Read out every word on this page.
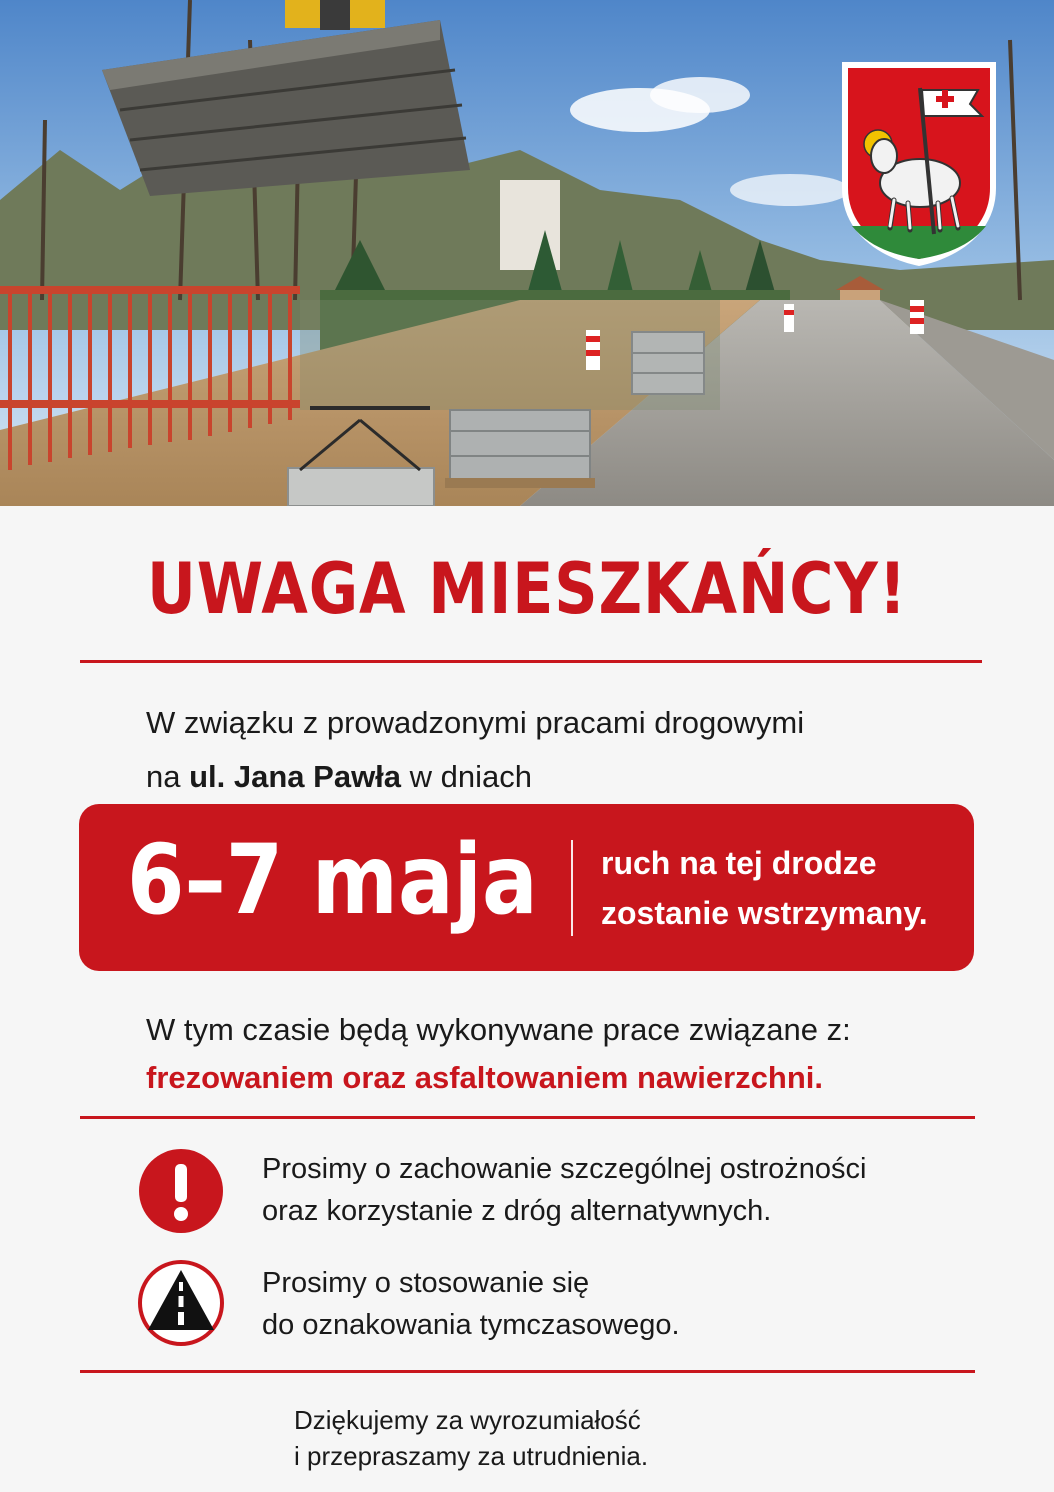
UWAGA MIESZKAŃCY!
W związku z prowadzonymi pracami drogowymi
na ul. Jana Pawła w dniach
6–7 maja ruch na tej drodze
zostanie wstrzymany.
W tym czasie będą wykonywane prace związane z:
frezowaniem oraz asfaltowaniem nawierzchni.
Prosimy o zachowanie szczególnej ostrożności
oraz korzystanie z dróg alternatywnych.
Prosimy o stosowanie się
do oznakowania tymczasowego.
Dziękujemy za wyrozumiałość
i przepraszamy za utrudnienia.
